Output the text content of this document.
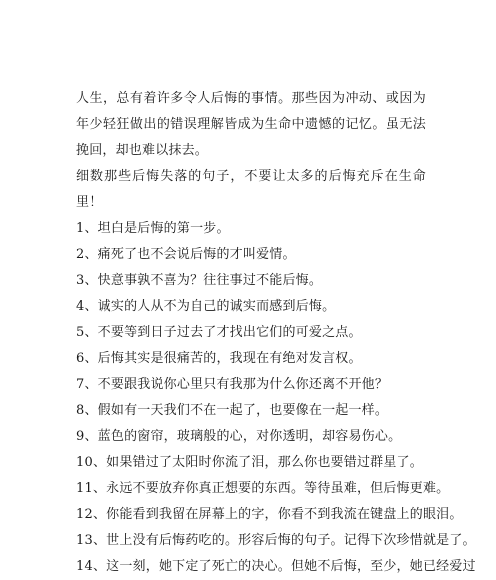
人生，总有着许多令人后悔的事情。那些因为冲动、或因为年少轻狂做出的错误理解皆成为生命中遗憾的记忆。虽无法挽回，却也难以抹去。

细数那些后悔失落的句子，不要让太多的后悔充斥在生命里！

1、坦白是后悔的第一步。
2、痛死了也不会说后悔的才叫爱情。
3、快意事孰不喜为？往往事过不能后悔。
4、诚实的人从不为自己的诚实而感到后悔。
5、不要等到日子过去了才找出它们的可爱之点。
6、后悔其实是很痛苦的，我现在有绝对发言权。
7、不要跟我说你心里只有我那为什么你还离不开他？
8、假如有一天我们不在一起了，也要像在一起一样。
9、蓝色的窗帘，玻璃般的心，对你透明，却容易伤心。
10、如果错过了太阳时你流了泪，那么你也要错过群星了。
11、永远不要放弃你真正想要的东西。等待虽难，但后悔更难。
12、你能看到我留在屏幕上的字，你看不到我流在键盘上的眼泪。
13、世上没有后悔药吃的。形容后悔的句子。记得下次珍惜就是了。
14、这一刻，她下定了死亡的决心。但她不后悔，至少，她已经爱过
